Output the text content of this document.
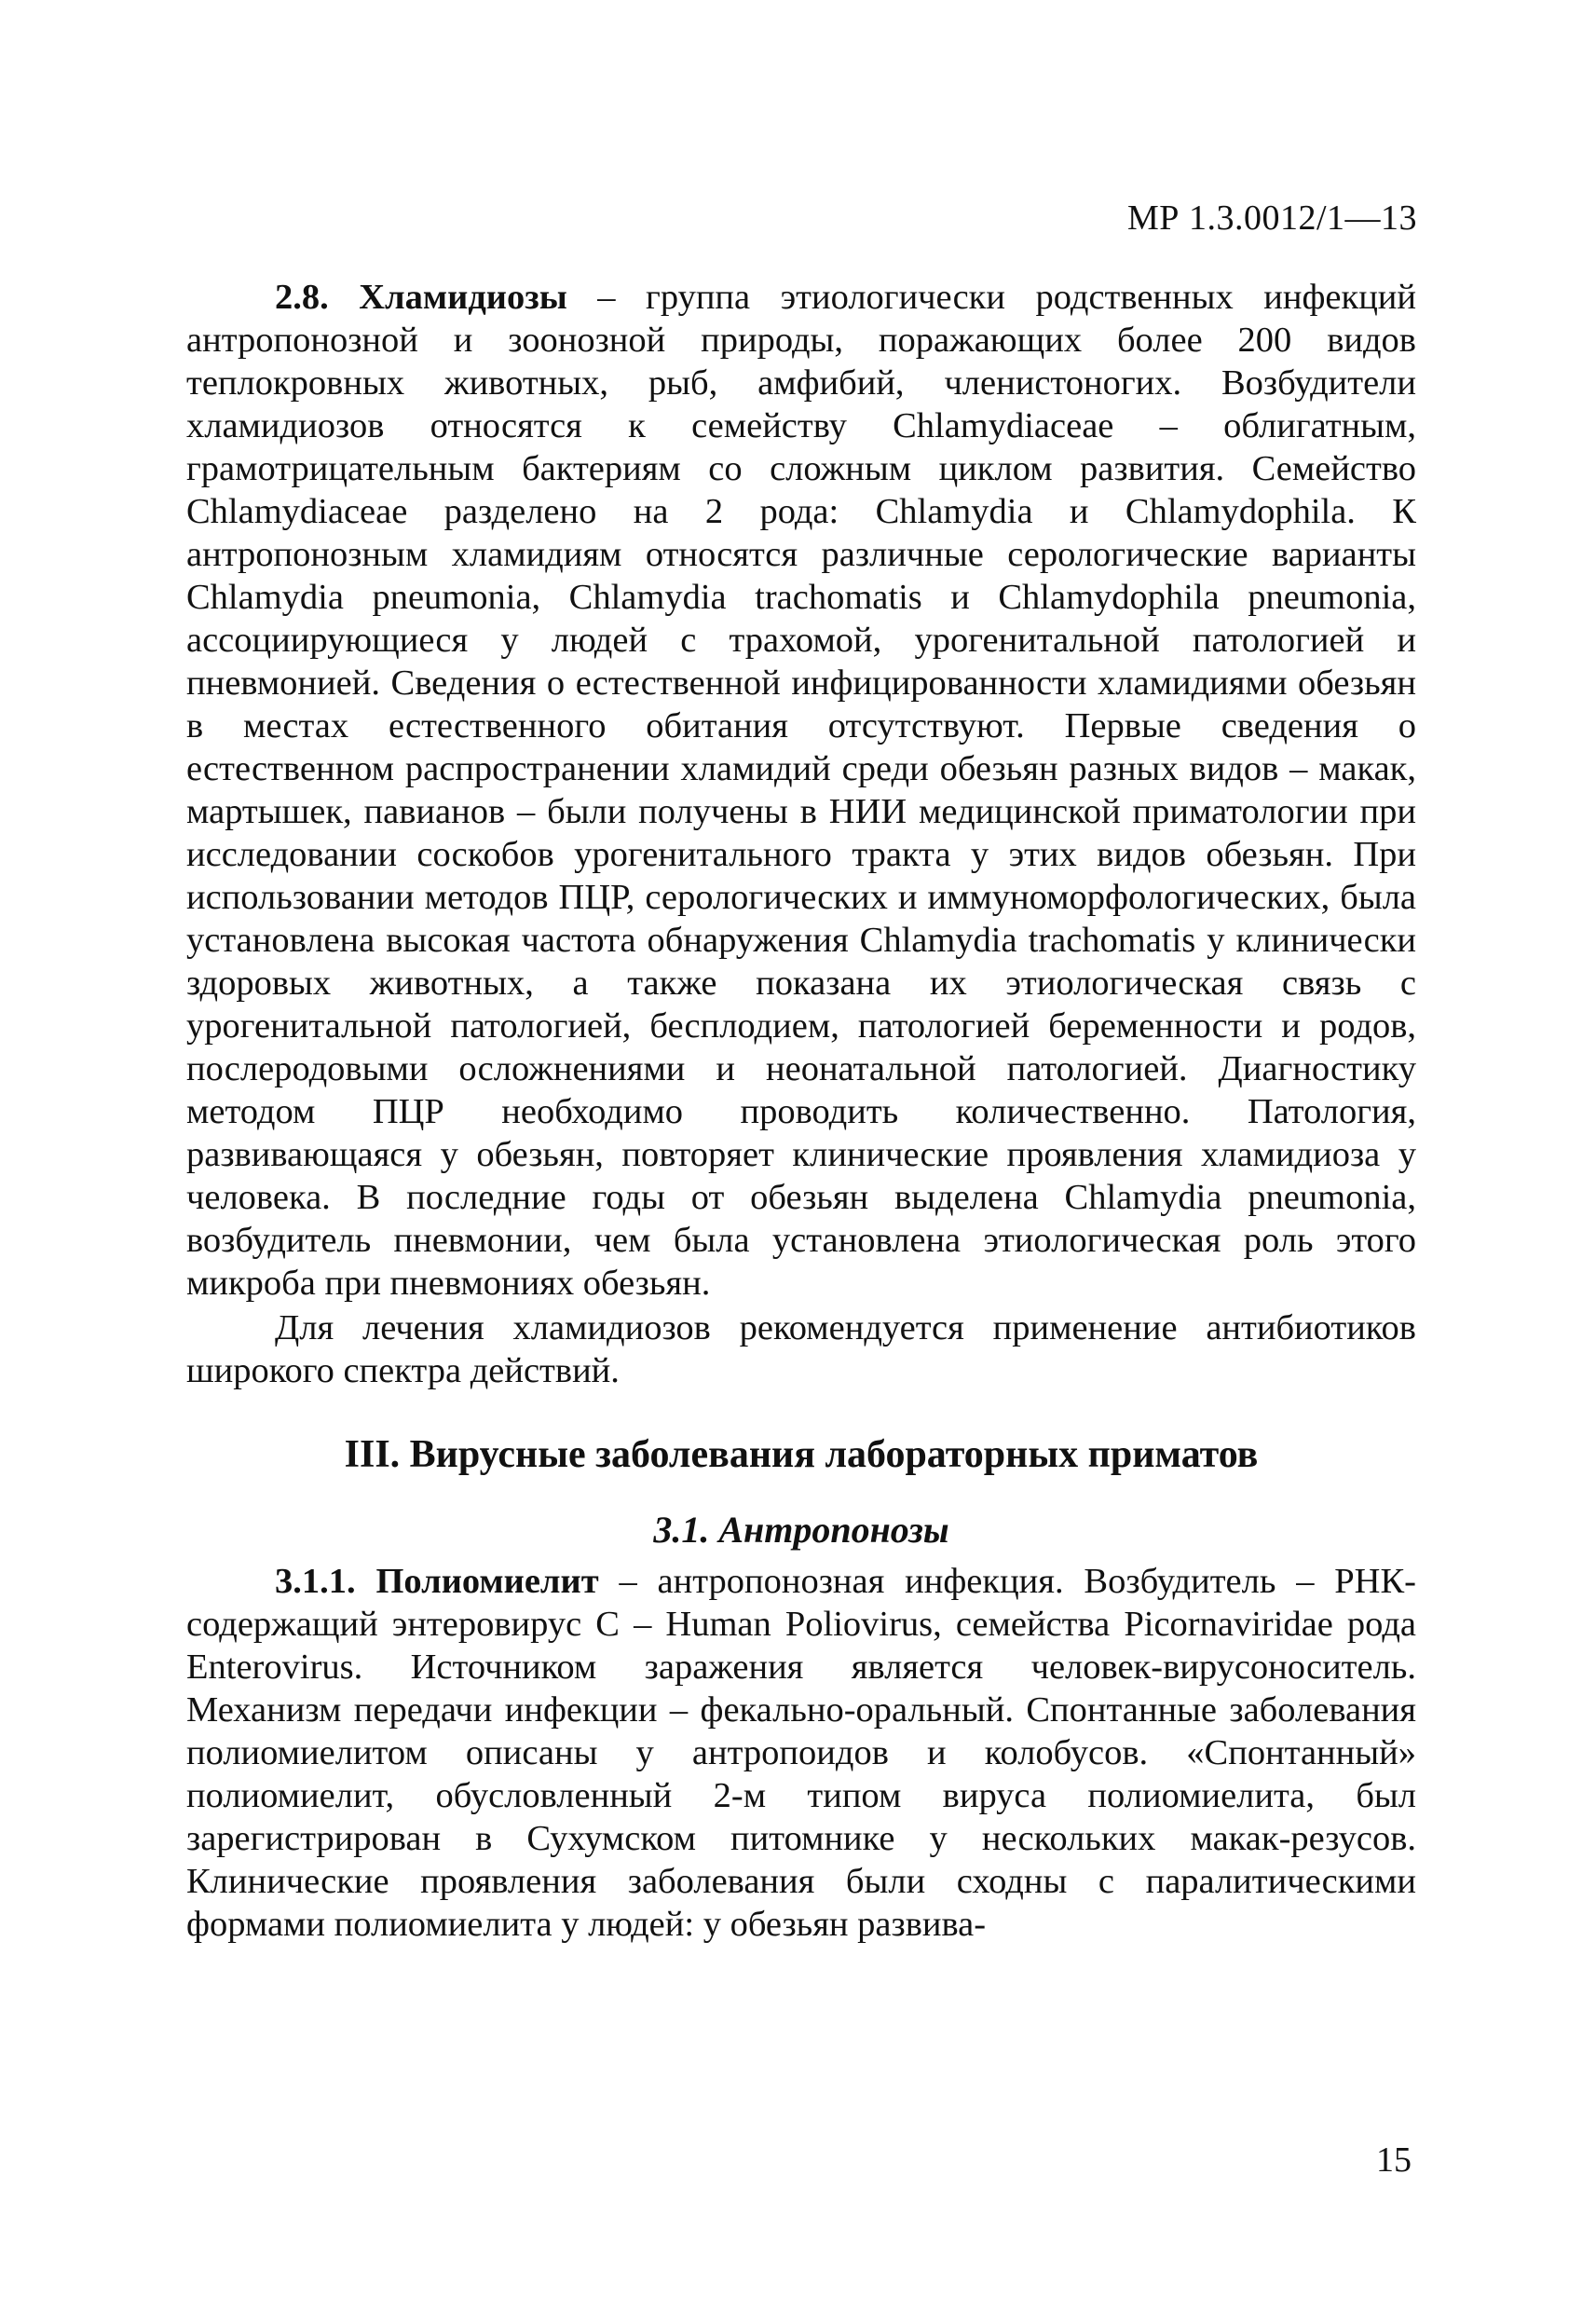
МР 1.3.0012/1—13

2.8. Хламидиозы – группа этиологически родственных инфекций антропонозной и зоонозной природы, поражающих более 200 видов теплокровных животных, рыб, амфибий, членистоногих. Возбудители хламидиозов относятся к семейству Chlamydiaceae – облигатным, грамотрицательным бактериям со сложным циклом развития. Семейство Chlamydiaceae разделено на 2 рода: Chlamydia и Chlamydophila. К антропонозным хламидиям относятся различные серологические варианты Chlamydia pneumonia, Chlamydia trachomatis и Chlamydophila pneumonia, ассоциирующиеся у людей с трахомой, урогенитальной патологией и пневмонией. Сведения о естественной инфицированности хламидиями обезьян в местах естественного обитания отсутствуют. Первые сведения о естественном распространении хламидий среди обезьян разных видов – макак, мартышек, павианов – были получены в НИИ медицинской приматологии при исследовании соскобов урогенитального тракта у этих видов обезьян. При использовании методов ПЦР, серологических и иммуноморфологических, была установлена высокая частота обнаружения Chlamydia trachomatis у клинически здоровых животных, а также показана их этиологическая связь с урогенитальной патологией, бесплодием, патологией беременности и родов, послеродовыми осложнениями и неонатальной патологией. Диагностику методом ПЦР необходимо проводить количественно. Патология, развивающаяся у обезьян, повторяет клинические проявления хламидиоза у человека. В последние годы от обезьян выделена Chlamydia pneumonia, возбудитель пневмонии, чем была установлена этиологическая роль этого микроба при пневмониях обезьян.

Для лечения хламидиозов рекомендуется применение антибиотиков широкого спектра действий.

III. Вирусные заболевания лабораторных приматов
3.1. Антропонозы

3.1.1. Полиомиелит – антропонозная инфекция. Возбудитель – РНК-содержащий энтеровирус С – Human Poliovirus, семейства Picornaviridae рода Enterovirus. Источником заражения является человек-вирусоноситель. Механизм передачи инфекции – фекально-оральный. Спонтанные заболевания полиомиелитом описаны у антропоидов и колобусов. «Спонтанный» полиомиелит, обусловленный 2-м типом вируса полиомиелита, был зарегистрирован в Сухумском питомнике у нескольких макак-резусов. Клинические проявления заболевания были сходны с паралитическими формами полиомиелита у людей: у обезьян развива-

15
